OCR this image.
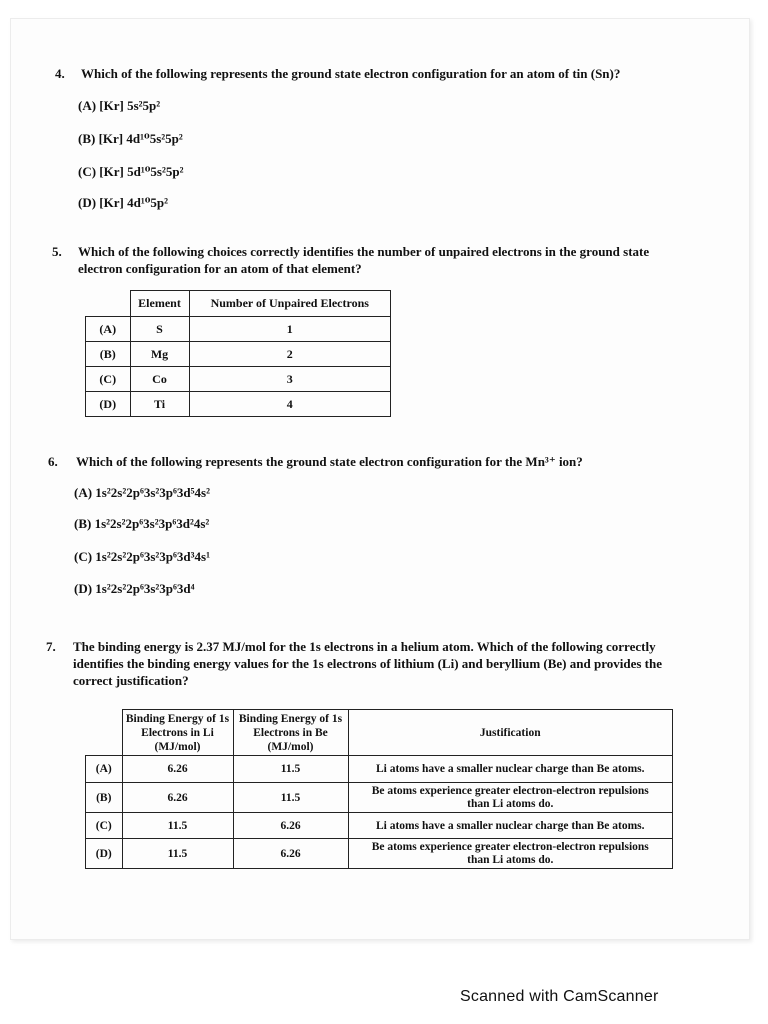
4. Which of the following represents the ground state electron configuration for an atom of tin (Sn)?
(A) [Kr] 5s²5p²
(B) [Kr] 4d¹⁰5s²5p²
(C) [Kr] 5d¹⁰5s²5p²
(D) [Kr] 4d¹⁰5p²
5. Which of the following choices correctly identifies the number of unpaired electrons in the ground state
electron configuration for an atom of that element?
	Element	Number of Unpaired Electrons
(A)	S	1
(B)	Mg	2
(C)	Co	3
(D)	Ti	4
6. Which of the following represents the ground state electron configuration for the Mn³⁺ ion?
(A) 1s²2s²2p⁶3s²3p⁶3d⁵4s²
(B) 1s²2s²2p⁶3s²3p⁶3d²4s²
(C) 1s²2s²2p⁶3s²3p⁶3d³4s¹
(D) 1s²2s²2p⁶3s²3p⁶3d⁴
7. The binding energy is 2.37 MJ/mol for the 1s electrons in a helium atom. Which of the following correctly
identifies the binding energy values for the 1s electrons of lithium (Li) and beryllium (Be) and provides the
correct justification?
	Binding Energy of 1s Electrons in Li (MJ/mol)	Binding Energy of 1s Electrons in Be (MJ/mol)	Justification
(A)	6.26	11.5	Li atoms have a smaller nuclear charge than Be atoms.
(B)	6.26	11.5	Be atoms experience greater electron-electron repulsions than Li atoms do.
(C)	11.5	6.26	Li atoms have a smaller nuclear charge than Be atoms.
(D)	11.5	6.26	Be atoms experience greater electron-electron repulsions than Li atoms do.
Scanned with CamScanner
